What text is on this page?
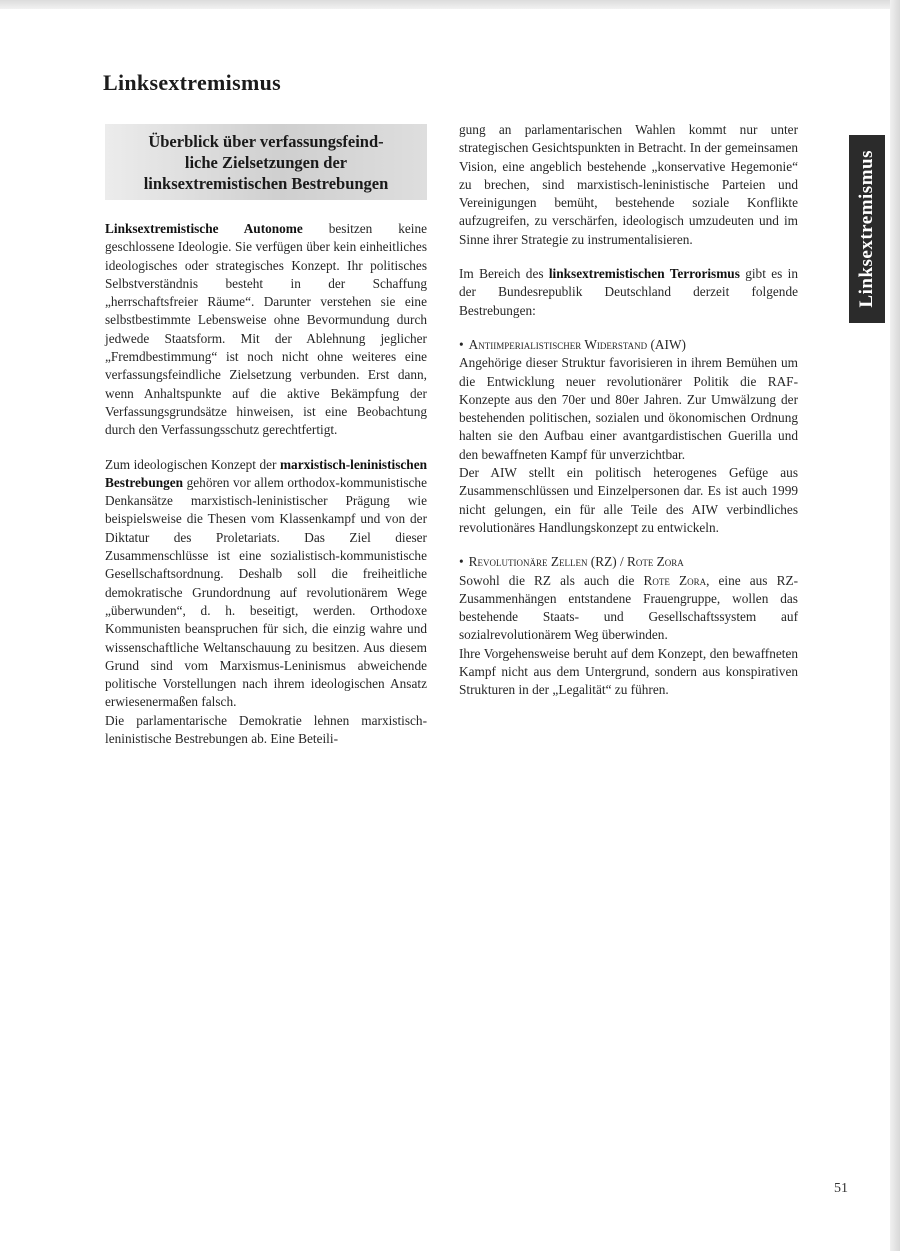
Linksextremismus
Überblick über verfassungsfeind-
liche Zielsetzungen der
linksextremistischen Bestrebungen

Linksextremistische Autonome besitzen keine geschlossene Ideologie. Sie verfügen über kein einheitliches ideologisches oder strategisches Konzept. Ihr politisches Selbstverständnis besteht in der Schaffung „herrschaftsfreier Räume“. Darunter verstehen sie eine selbstbestimmte Lebensweise ohne Bevormundung durch jedwede Staatsform. Mit der Ablehnung jeglicher „Fremdbestimmung“ ist noch nicht ohne weiteres eine verfassungsfeindliche Zielsetzung verbunden. Erst dann, wenn Anhaltspunkte auf die aktive Bekämpfung der Verfassungsgrundsätze hinweisen, ist eine Beobachtung durch den Verfassungsschutz gerechtfertigt.

Zum ideologischen Konzept der marxistisch-leninistischen Bestrebungen gehören vor allem orthodox-kommunistische Denkansätze marxistisch-leninistischer Prägung wie beispielsweise die Thesen vom Klassenkampf und von der Diktatur des Proletariats. Das Ziel dieser Zusammenschlüsse ist eine sozialistisch-kommunistische Gesellschaftsordnung. Deshalb soll die freiheitliche demokratische Grundordnung auf revolutionärem Wege „überwunden“, d. h. beseitigt, werden. Orthodoxe Kommunisten beanspruchen für sich, die einzig wahre und wissenschaftliche Weltanschauung zu besitzen. Aus diesem Grund sind vom Marxismus-Leninismus abweichende politische Vorstellungen nach ihrem ideologischen Ansatz erwiesenermaßen falsch.

Die parlamentarische Demokratie lehnen marxistisch-leninistische Bestrebungen ab. Eine Beteili-

gung an parlamentarischen Wahlen kommt nur unter strategischen Gesichtspunkten in Betracht. In der gemeinsamen Vision, eine angeblich bestehende „konservative Hegemonie“ zu brechen, sind marxistisch-leninistische Parteien und Vereinigungen bemüht, bestehende soziale Konflikte aufzugreifen, zu verschärfen, ideologisch umzudeuten und im Sinne ihrer Strategie zu instrumentalisieren.

Im Bereich des linksextremistischen Terrorismus gibt es in der Bundesrepublik Deutschland derzeit folgende Bestrebungen:

• Antiimperialistischer Widerstand (AIW)

Angehörige dieser Struktur favorisieren in ihrem Bemühen um die Entwicklung neuer revolutionärer Politik die RAF-Konzepte aus den 70er und 80er Jahren. Zur Umwälzung der bestehenden politischen, sozialen und ökonomischen Ordnung halten sie den Aufbau einer avantgardistischen Guerilla und den bewaffneten Kampf für unverzichtbar.

Der AIW stellt ein politisch heterogenes Gefüge aus Zusammenschlüssen und Einzelpersonen dar. Es ist auch 1999 nicht gelungen, ein für alle Teile des AIW verbindliches revolutionäres Handlungskonzept zu entwickeln.

• Revolutionäre Zellen (RZ) / Rote Zora

Sowohl die RZ als auch die Rote Zora, eine aus RZ-Zusammenhängen entstandene Frauengruppe, wollen das bestehende Staats- und Gesellschaftssystem auf sozialrevolutionärem Weg überwinden.

Ihre Vorgehensweise beruht auf dem Konzept, den bewaffneten Kampf nicht aus dem Untergrund, sondern aus konspirativen Strukturen in der „Legalität“ zu führen.

Linksextremismus
51
